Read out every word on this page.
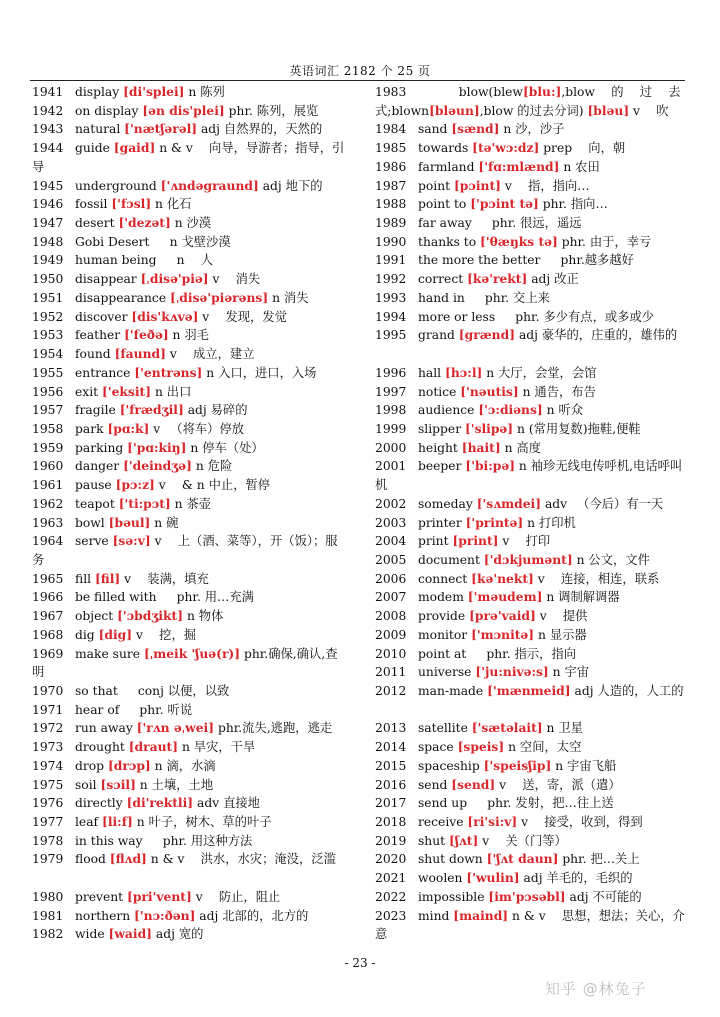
英语词汇 2182 个 25 页
1941 display [di'splei] n 陈列
1942 on display [ən dis'plei] phr. 陈列，展览
1943 natural ['nætʃərəl] adj 自然界的，天然的
1944 guide [gaid] n & v 　向导，导游者；指导，引导
1945 underground ['ʌndəgraund] adj 地下的
1946 fossil ['fɔsl] n 化石
1947 desert ['dezət] n 沙漠
1948 Gobi Desert 　 n 戈壁沙漠
1949 human being 　 n 　人
1950 disappear [ˌdisə'piə] v 　消失
1951 disappearance [ˌdisə'piərəns] n 消失
1952 discover [dis'kʌvə] v 　发现，发觉
1953 feather ['feðə] n 羽毛
1954 found [faund] v 　成立，建立
1955 entrance ['entrəns] n 入口，进口，入场
1956 exit ['eksit] n 出口
1957 fragile ['frædʒil] adj 易碎的
1958 park [pɑ:k] v 　（将车）停放
1959 parking ['pɑ:kiŋ] n 停车（处）
1960 danger ['deindʒə] n 危险
1961 pause [pɔ:z] v 　& n 中止，暂停
1962 teapot ['ti:pɔt] n 茶壶
1963 bowl [bəul] n 碗
1964 serve [sə:v] v 　上（酒、菜等），开（饭）；服务
1965 fill [fil] v 　装满，填充
1966 be filled with 　 phr. 用…充满
1967 object ['ɔbdʒikt] n 物体
1968 dig [dig] v 　挖，掘
1969 make sure [ˌmeik 'ʃuə(r)] phr.确保,确认,查明
1970 so that 　 conj 以便，以致
1971 hear of 　 phr. 听说
1972 run away ['rʌn əˌwei] phr.流失,逃跑，逃走
1973 drought [draut] n 旱灾，干旱
1974 drop [drɔp] n 滴，水滴
1975 soil [sɔil] n 土壤，土地
1976 directly [di'rektli] adv 直接地
1977 leaf [li:f] n 叶子，树木、草的叶子
1978 in this way 　 phr. 用这种方法
1979 flood [flʌd] n & v 　洪水，水灾；淹没，泛滥
1980 prevent [pri'vent] v 　防止，阻止
1981 northern ['nɔ:ðən] adj 北部的，北方的
1982 wide [waid] adj 宽的
1983 　　　 blow(blew[blu:],blow　 的　 过　 去式;blown[bləun],blow 的过去分词) [bləu] v 　吹
1984 sand [sænd] n 沙，沙子
1985 towards [tə'wɔ:dz] prep 　向，朝
1986 farmland ['fɑ:mlænd] n 农田
1987 point [pɔint] v 　指，指向…
1988 point to ['pɔint tə] phr. 指向…
1989 far away 　 phr. 很远，遥远
1990 thanks to ['θæŋks tə] phr. 由于，幸亏
1991 the more the better 　 phr.越多越好
1992 correct [kə'rekt] adj 改正
1993 hand in 　 phr. 交上来
1994 more or less 　 phr. 多少有点，或多或少
1995 grand [grænd] adj 豪华的，庄重的，雄伟的
1996 hall [hɔ:l] n 大厅，会堂，会馆
1997 notice ['nəutis] n 通告，布告
1998 audience ['ɔ:diəns] n 听众
1999 slipper ['slipə] n (常用复数)拖鞋,便鞋
2000 height [hait] n 高度
2001 beeper ['bi:pə] n 袖珍无线电传呼机,电话呼叫机
2002 someday ['sʌmdei] adv 　（今后）有一天
2003 printer ['printə] n 打印机
2004 print [print] v 　打印
2005 document ['dɔkjumənt] n 公文，文件
2006 connect [kə'nekt] v 　连接，相连，联系
2007 modem ['məudem] n 调制解调器
2008 provide [prə'vaid] v 　提供
2009 monitor ['mɔnitə] n 显示器
2010 point at 　 phr. 指示，指向
2011 universe ['ju:nivə:s] n 宇宙
2012 man-made ['mænmeid] adj 人造的，人工的
2013 satellite ['sætəlait] n 卫星
2014 space [speis] n 空间，太空
2015 spaceship ['speisʃip] n 宇宙飞船
2016 send [send] v 　送，寄，派（遣）
2017 send up 　 phr. 发射，把…往上送
2018 receive [ri'si:v] v 　接受，收到，得到
2019 shut [ʃʌt] v 　关（门等）
2020 shut down ['ʃʌt daun] phr. 把…关上
2021 woolen ['wulin] adj 羊毛的，毛织的
2022 impossible [im'pɔsəbl] adj 不可能的
2023 mind [maind] n & v 　思想，想法；关心，介意
- 23 -
知乎 @林兔子
